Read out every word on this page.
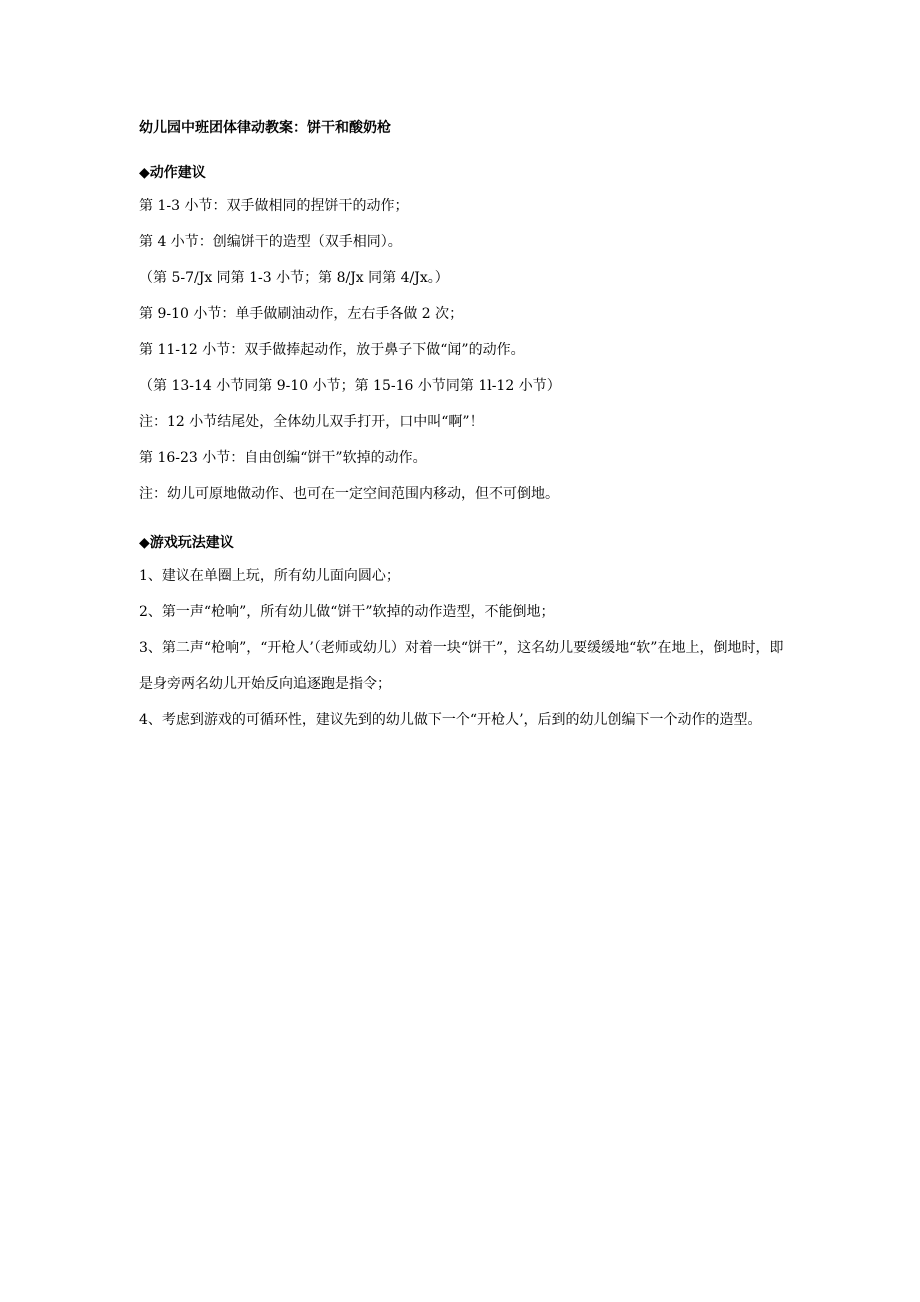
幼儿园中班团体律动教案：饼干和酸奶枪
◆动作建议
第 1-3 小节：双手做相同的捏饼干的动作；
第 4 小节：创编饼干的造型（双手相同）。
（第 5-7/Jx 同第 1-3 小节；第 8/Jx 同第 4/Jx。）
第 9-10 小节：单手做刷油动作，左右手各做 2 次；
第 11-12 小节：双手做捧起动作，放于鼻子下做“闻”的动作。
（第 13-14 小节同第 9-10 小节；第 15-16 小节同第 1l-12 小节）
注：12 小节结尾处，全体幼儿双手打开，口中叫“啊”！
第 16-23 小节：自由创编“饼干”软掉的动作。
注：幼儿可原地做动作、也可在一定空间范围内移动，但不可倒地。
◆游戏玩法建议
1、建议在单圈上玩，所有幼儿面向圆心；
2、第一声“枪响”，所有幼儿做“饼干”软掉的动作造型，不能倒地；
3、第二声“枪响”，“开枪人’（老师或幼儿）对着一块“饼干”，这名幼儿要缓缓地“软”在地上，倒地时，即是身旁两名幼儿开始反向追逐跑是指令；
4、考虑到游戏的可循环性，建议先到的幼儿做下一个“开枪人’，后到的幼儿创编下一个动作的造型。
